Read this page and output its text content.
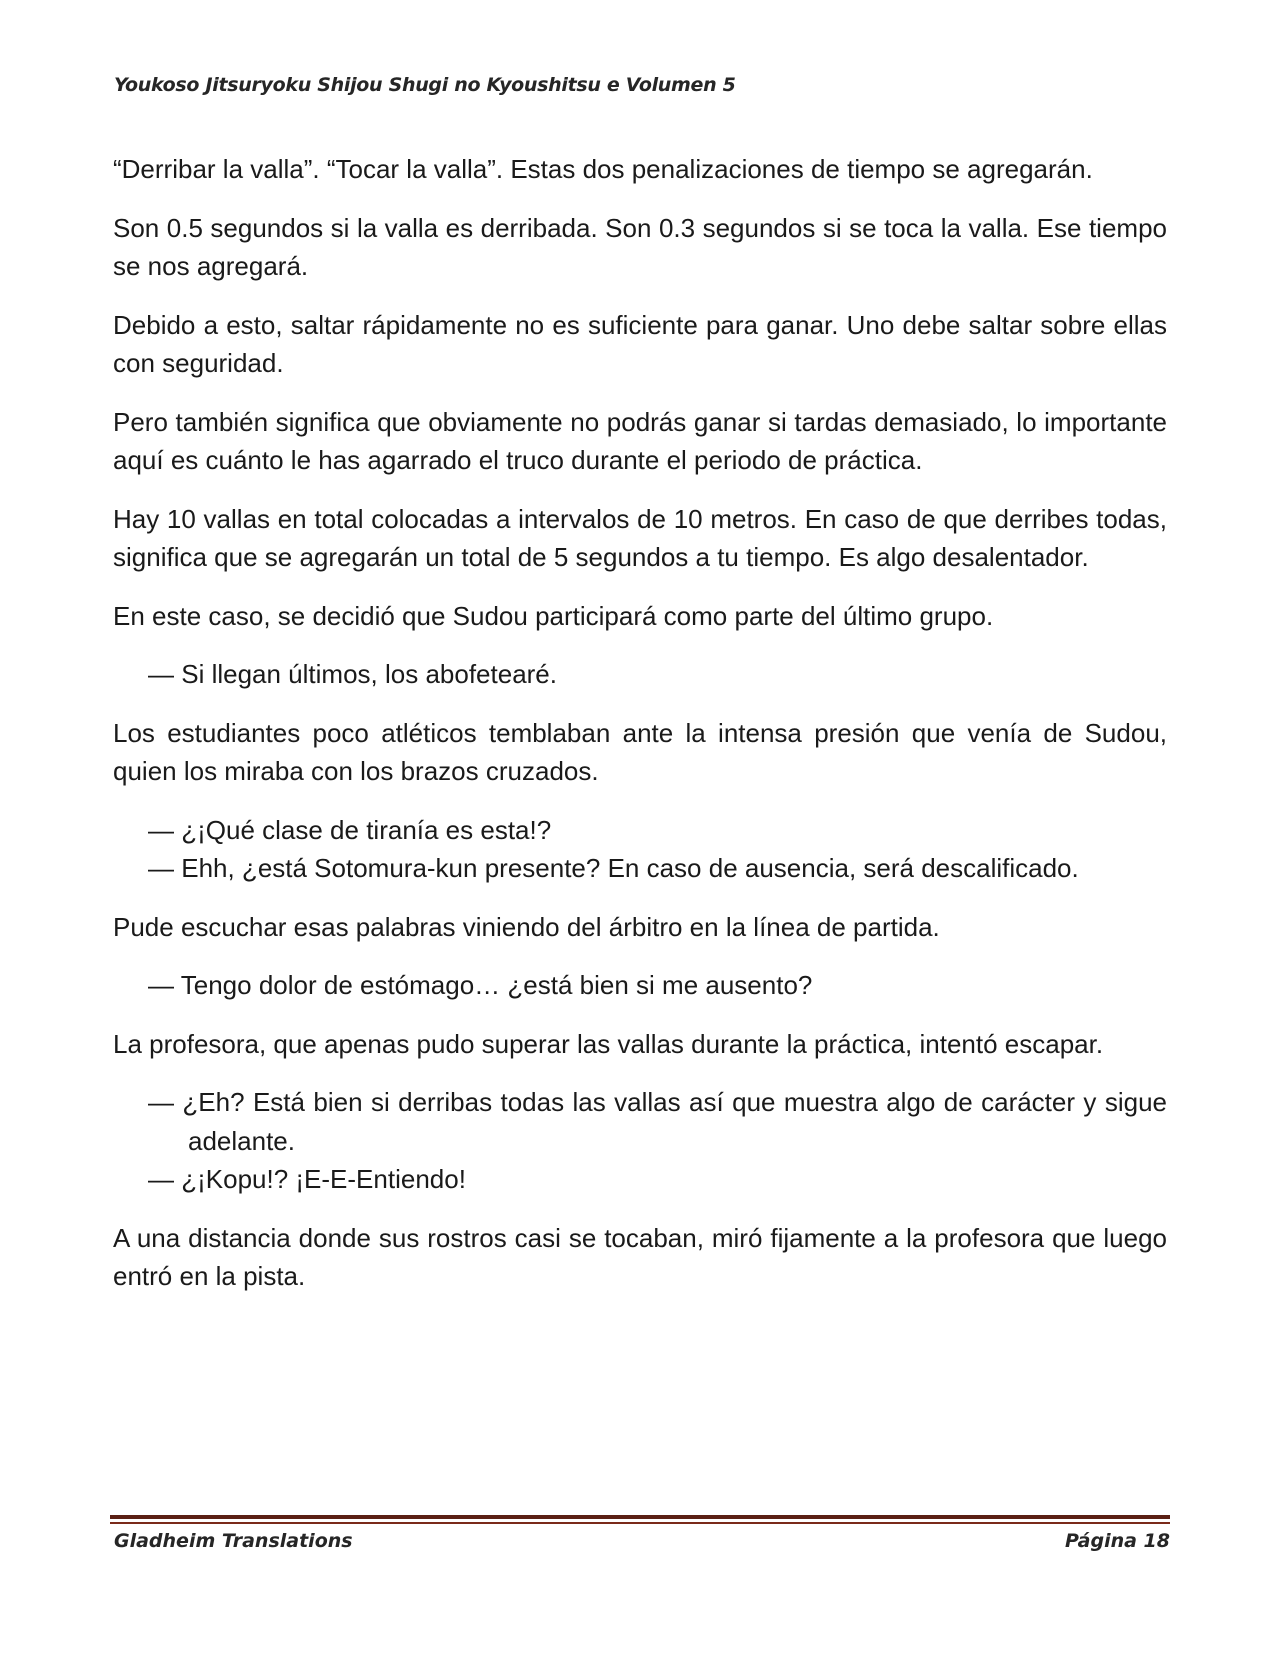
Youkoso Jitsuryoku Shijou Shugi no Kyoushitsu e Volumen 5

“Derribar la valla”. “Tocar la valla”. Estas dos penalizaciones de tiempo se agregarán.

Son 0.5 segundos si la valla es derribada. Son 0.3 segundos si se toca la valla. Ese tiempo se nos agregará.

Debido a esto, saltar rápidamente no es suficiente para ganar. Uno debe saltar sobre ellas con seguridad.

Pero también significa que obviamente no podrás ganar si tardas demasiado, lo importante aquí es cuánto le has agarrado el truco durante el periodo de práctica.

Hay 10 vallas en total colocadas a intervalos de 10 metros. En caso de que derribes todas, significa que se agregarán un total de 5 segundos a tu tiempo. Es algo desalentador.

En este caso, se decidió que Sudou participará como parte del último grupo.

— Si llegan últimos, los abofetearé.

Los estudiantes poco atléticos temblaban ante la intensa presión que venía de Sudou, quien los miraba con los brazos cruzados.

— ¿¡Qué clase de tiranía es esta!?

— Ehh, ¿está Sotomura-kun presente? En caso de ausencia, será descalificado.

Pude escuchar esas palabras viniendo del árbitro en la línea de partida.

— Tengo dolor de estómago… ¿está bien si me ausento?

La profesora, que apenas pudo superar las vallas durante la práctica, intentó escapar.

— ¿Eh? Está bien si derribas todas las vallas así que muestra algo de carácter y sigue adelante.

— ¿¡Kopu!? ¡E-E-Entiendo!

A una distancia donde sus rostros casi se tocaban, miró fijamente a la profesora que luego entró en la pista.

Gladheim Translations	Página 18
